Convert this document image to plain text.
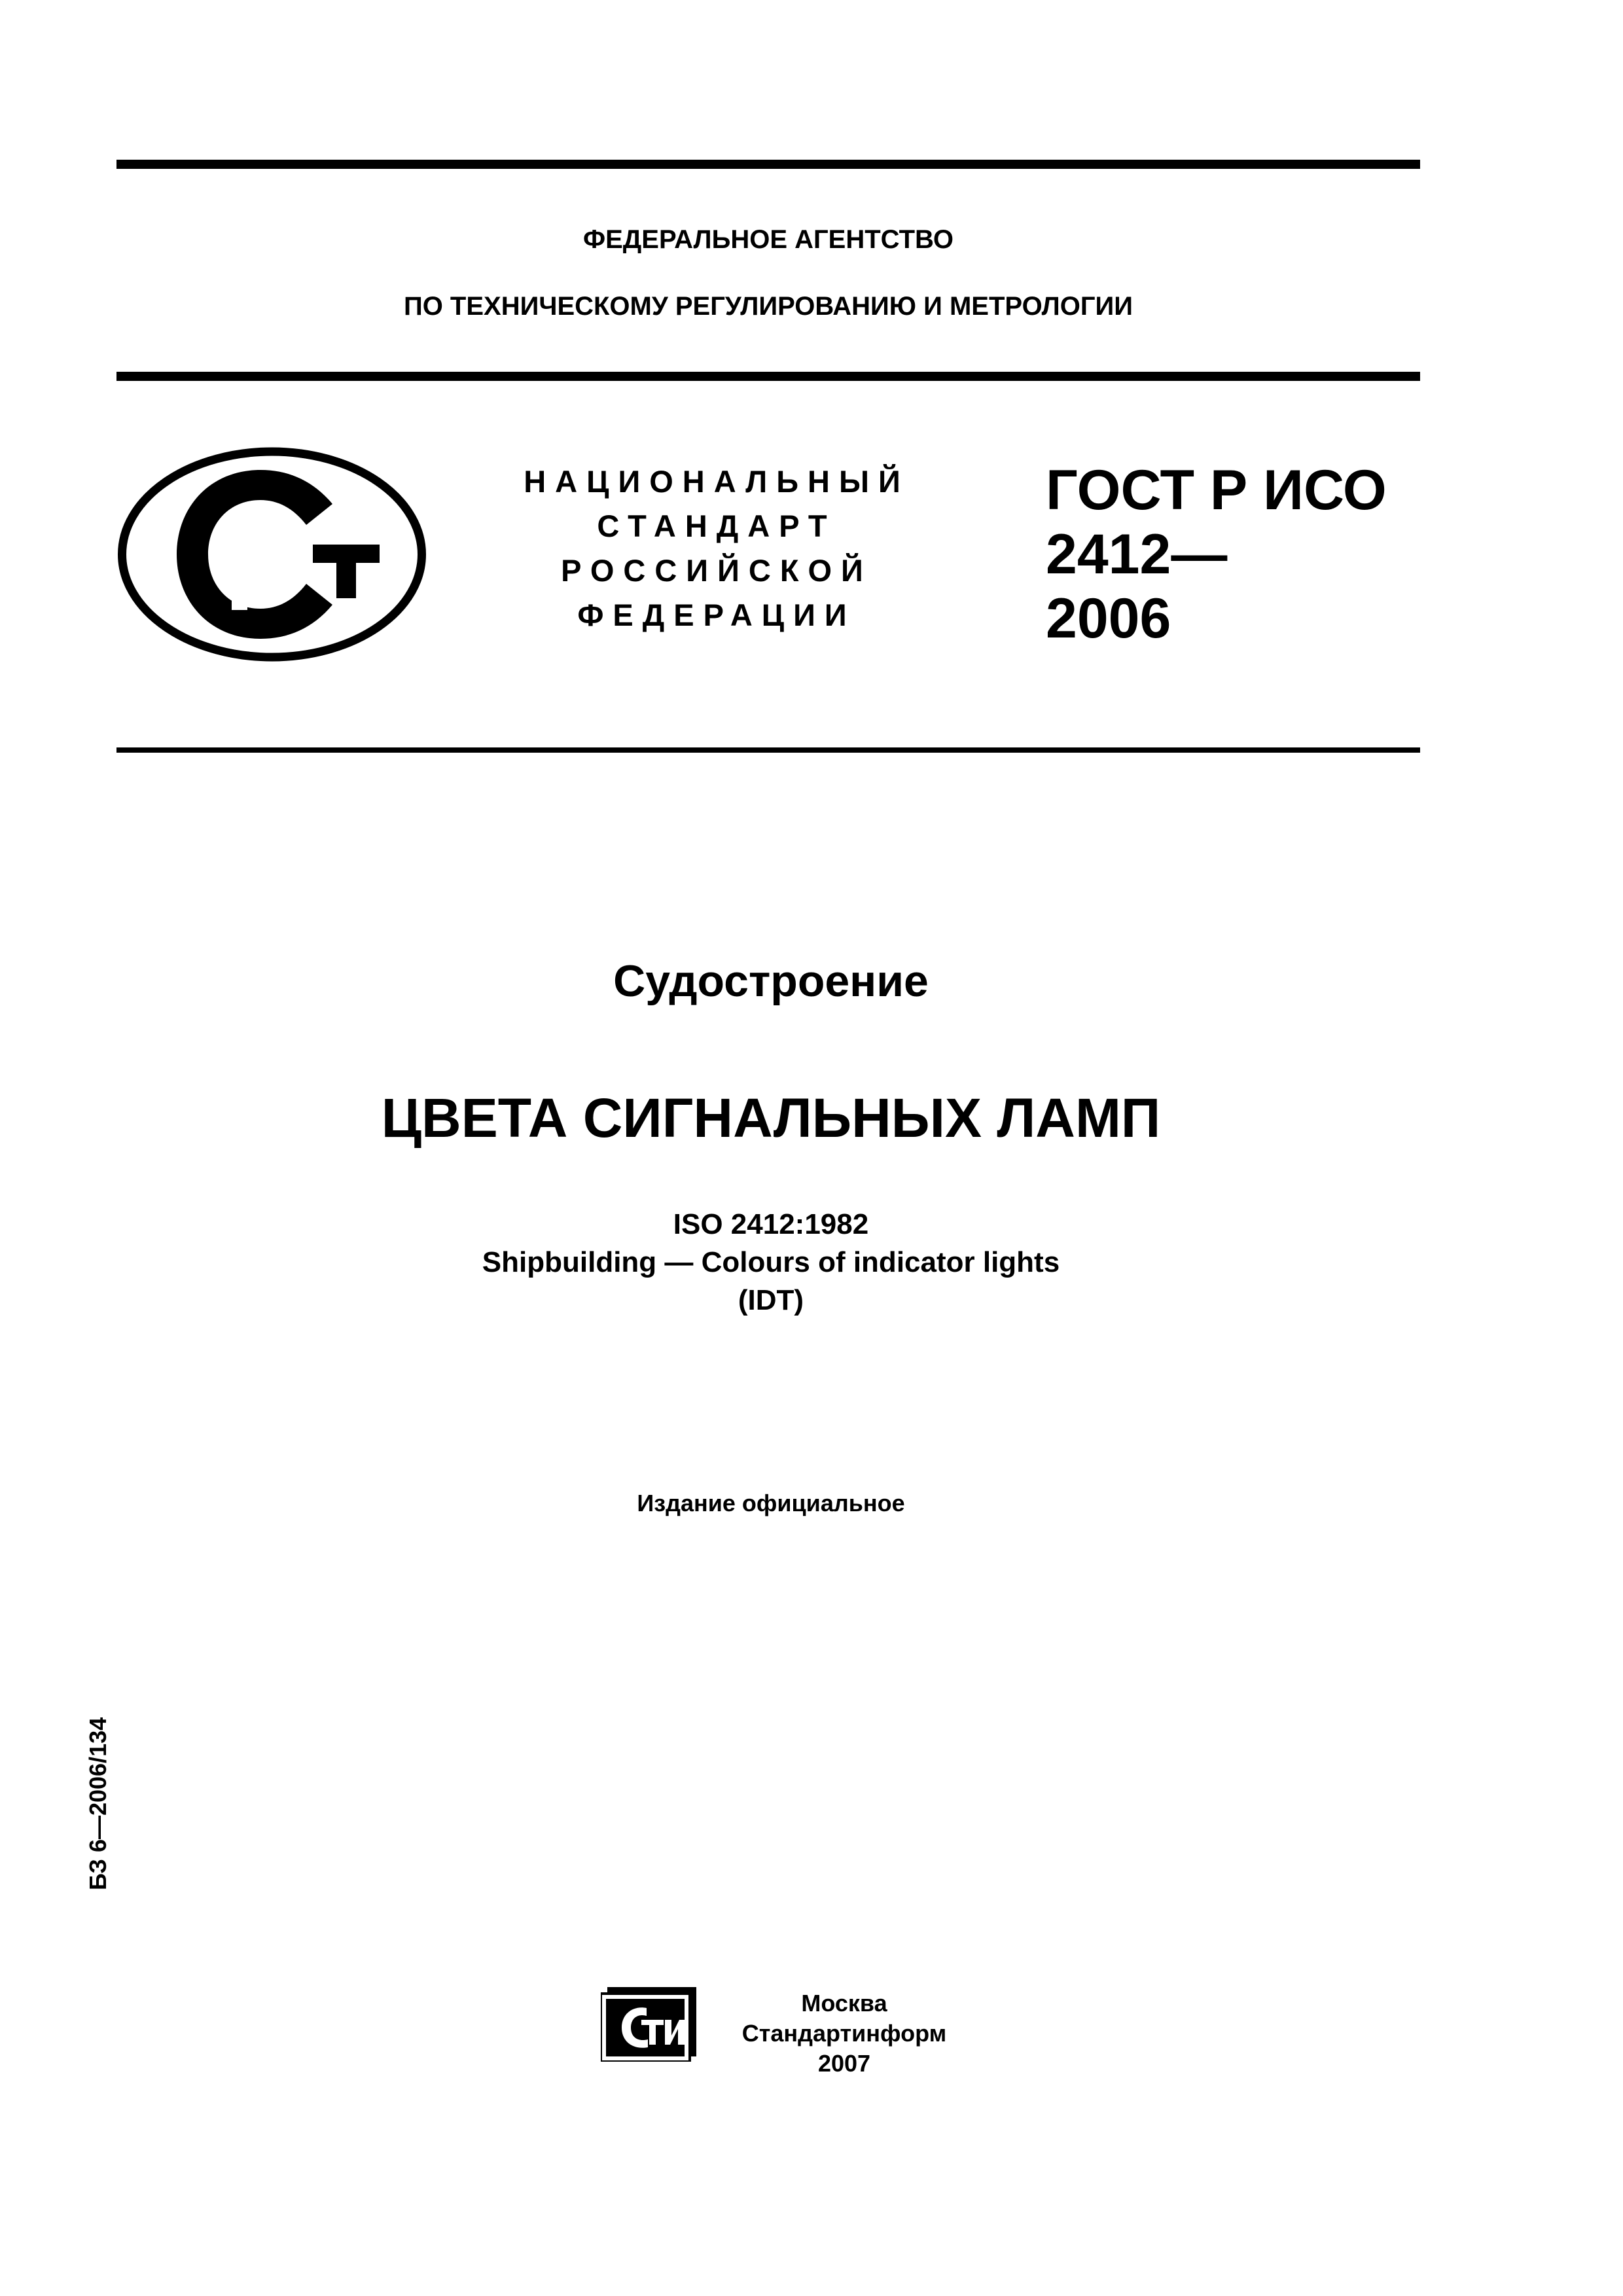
ФЕДЕРАЛЬНОЕ АГЕНТСТВО
ПО ТЕХНИЧЕСКОМУ РЕГУЛИРОВАНИЮ И МЕТРОЛОГИИ
НАЦИОНАЛЬНЫЙ
СТАНДАРТ
РОССИЙСКОЙ
ФЕДЕРАЦИИ
ГОСТ Р ИСО
2412—
2006
Судостроение
ЦВЕТА СИГНАЛЬНЫХ ЛАМП
ISO 2412:1982
Shipbuilding — Colours of indicator lights
(IDT)
Издание официальное
БЗ 6—2006/134
Москва
Стандартинформ
2007
